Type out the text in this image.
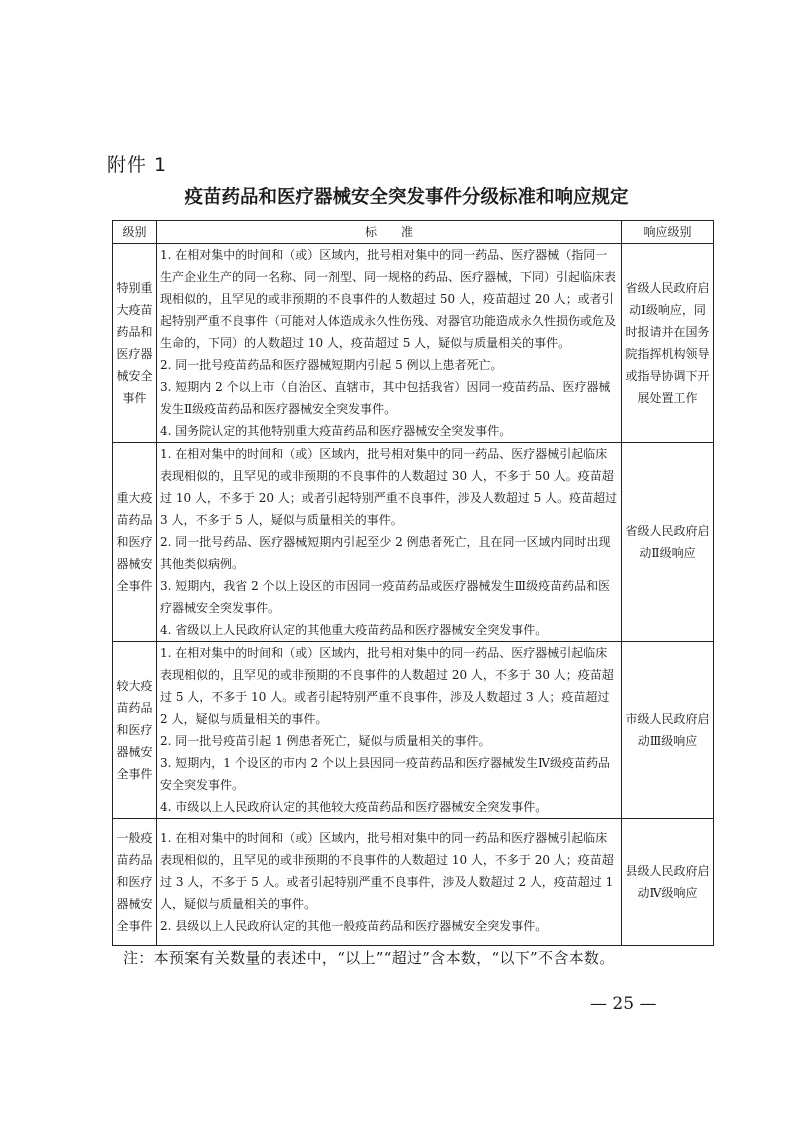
附件 1
疫苗药品和医疗器械安全突发事件分级标准和响应规定
级别	标　　准	响应级别
特别重大疫苗药品和医疗器械安全事件	1. 在相对集中的时间和（或）区域内，批号相对集中的同一药品、医疗器械（指同一生产企业生产的同一名称、同一剂型、同一规格的药品、医疗器械，下同）引起临床表现相似的，且罕见的或非预期的不良事件的人数超过 50 人，疫苗超过 20 人；或者引起特别严重不良事件（可能对人体造成永久性伤残、对器官功能造成永久性损伤或危及生命的，下同）的人数超过 10 人，疫苗超过 5 人，疑似与质量相关的事件。
2. 同一批号疫苗药品和医疗器械短期内引起 5 例以上患者死亡。
3. 短期内 2 个以上市（自治区、直辖市，其中包括我省）因同一疫苗药品、医疗器械发生Ⅱ级疫苗药品和医疗器械安全突发事件。
4. 国务院认定的其他特别重大疫苗药品和医疗器械安全突发事件。	省级人民政府启动Ⅰ级响应，同时报请并在国务院指挥机构领导或指导协调下开展处置工作
重大疫苗药品和医疗器械安全事件	1. 在相对集中的时间和（或）区域内，批号相对集中的同一药品、医疗器械引起临床表现相似的，且罕见的或非预期的不良事件的人数超过 30 人，不多于 50 人。疫苗超过 10 人，不多于 20 人；或者引起特别严重不良事件，涉及人数超过 5 人。疫苗超过 3 人，不多于 5 人，疑似与质量相关的事件。
2. 同一批号药品、医疗器械短期内引起至少 2 例患者死亡，且在同一区域内同时出现其他类似病例。
3. 短期内，我省 2 个以上设区的市因同一疫苗药品或医疗器械发生Ⅲ级疫苗药品和医疗器械安全突发事件。
4. 省级以上人民政府认定的其他重大疫苗药品和医疗器械安全突发事件。	省级人民政府启动Ⅱ级响应
较大疫苗药品和医疗器械安全事件	1. 在相对集中的时间和（或）区域内，批号相对集中的同一药品、医疗器械引起临床表现相似的，且罕见的或非预期的不良事件的人数超过 20 人，不多于 30 人；疫苗超过 5 人，不多于 10 人。或者引起特别严重不良事件，涉及人数超过 3 人；疫苗超过 2 人，疑似与质量相关的事件。
2. 同一批号疫苗引起 1 例患者死亡，疑似与质量相关的事件。
3. 短期内，1 个设区的市内 2 个以上县因同一疫苗药品和医疗器械发生Ⅳ级疫苗药品安全突发事件。
4. 市级以上人民政府认定的其他较大疫苗药品和医疗器械安全突发事件。	市级人民政府启动Ⅲ级响应
一般疫苗药品和医疗器械安全事件	1. 在相对集中的时间和（或）区域内，批号相对集中的同一药品和医疗器械引起临床表现相似的，且罕见的或非预期的不良事件的人数超过 10 人，不多于 20 人；疫苗超过 3 人，不多于 5 人。或者引起特别严重不良事件，涉及人数超过 2 人，疫苗超过 1 人，疑似与质量相关的事件。
2. 县级以上人民政府认定的其他一般疫苗药品和医疗器械安全突发事件。	县级人民政府启动Ⅳ级响应
注：本预案有关数量的表述中，“以上”“超过”含本数，“以下”不含本数。
— 25 —
